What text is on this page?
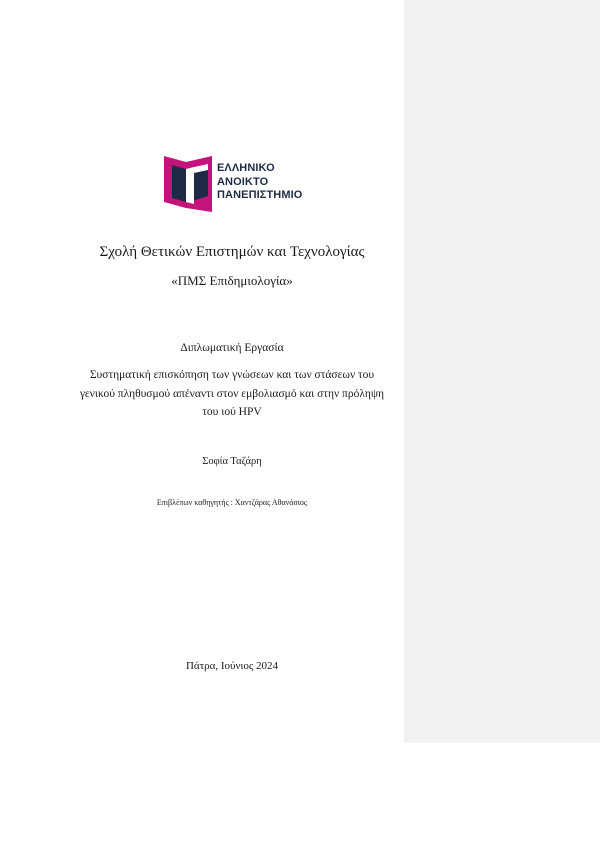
ΕΛΛΗΝΙΚΟ
ΑΝΟΙΚΤΟ
ΠΑΝΕΠΙΣΤΗΜΙΟ
Σχολή Θετικών Επιστημών και Τεχνολογίας
«ΠΜΣ Επιδημιολογία»
Διπλωματική Εργασία
Συστηματική επισκόπηση των γνώσεων και των στάσεων του
γενικού πληθυσμού απέναντι στον εμβολιασμό και στην πρόληψη
του ιού HPV
Σοφία Ταζάρη
Επιβλέπων καθηγητής : Χαντζάρας Αθανάσιος
Πάτρα, Ιούνιος 2024
